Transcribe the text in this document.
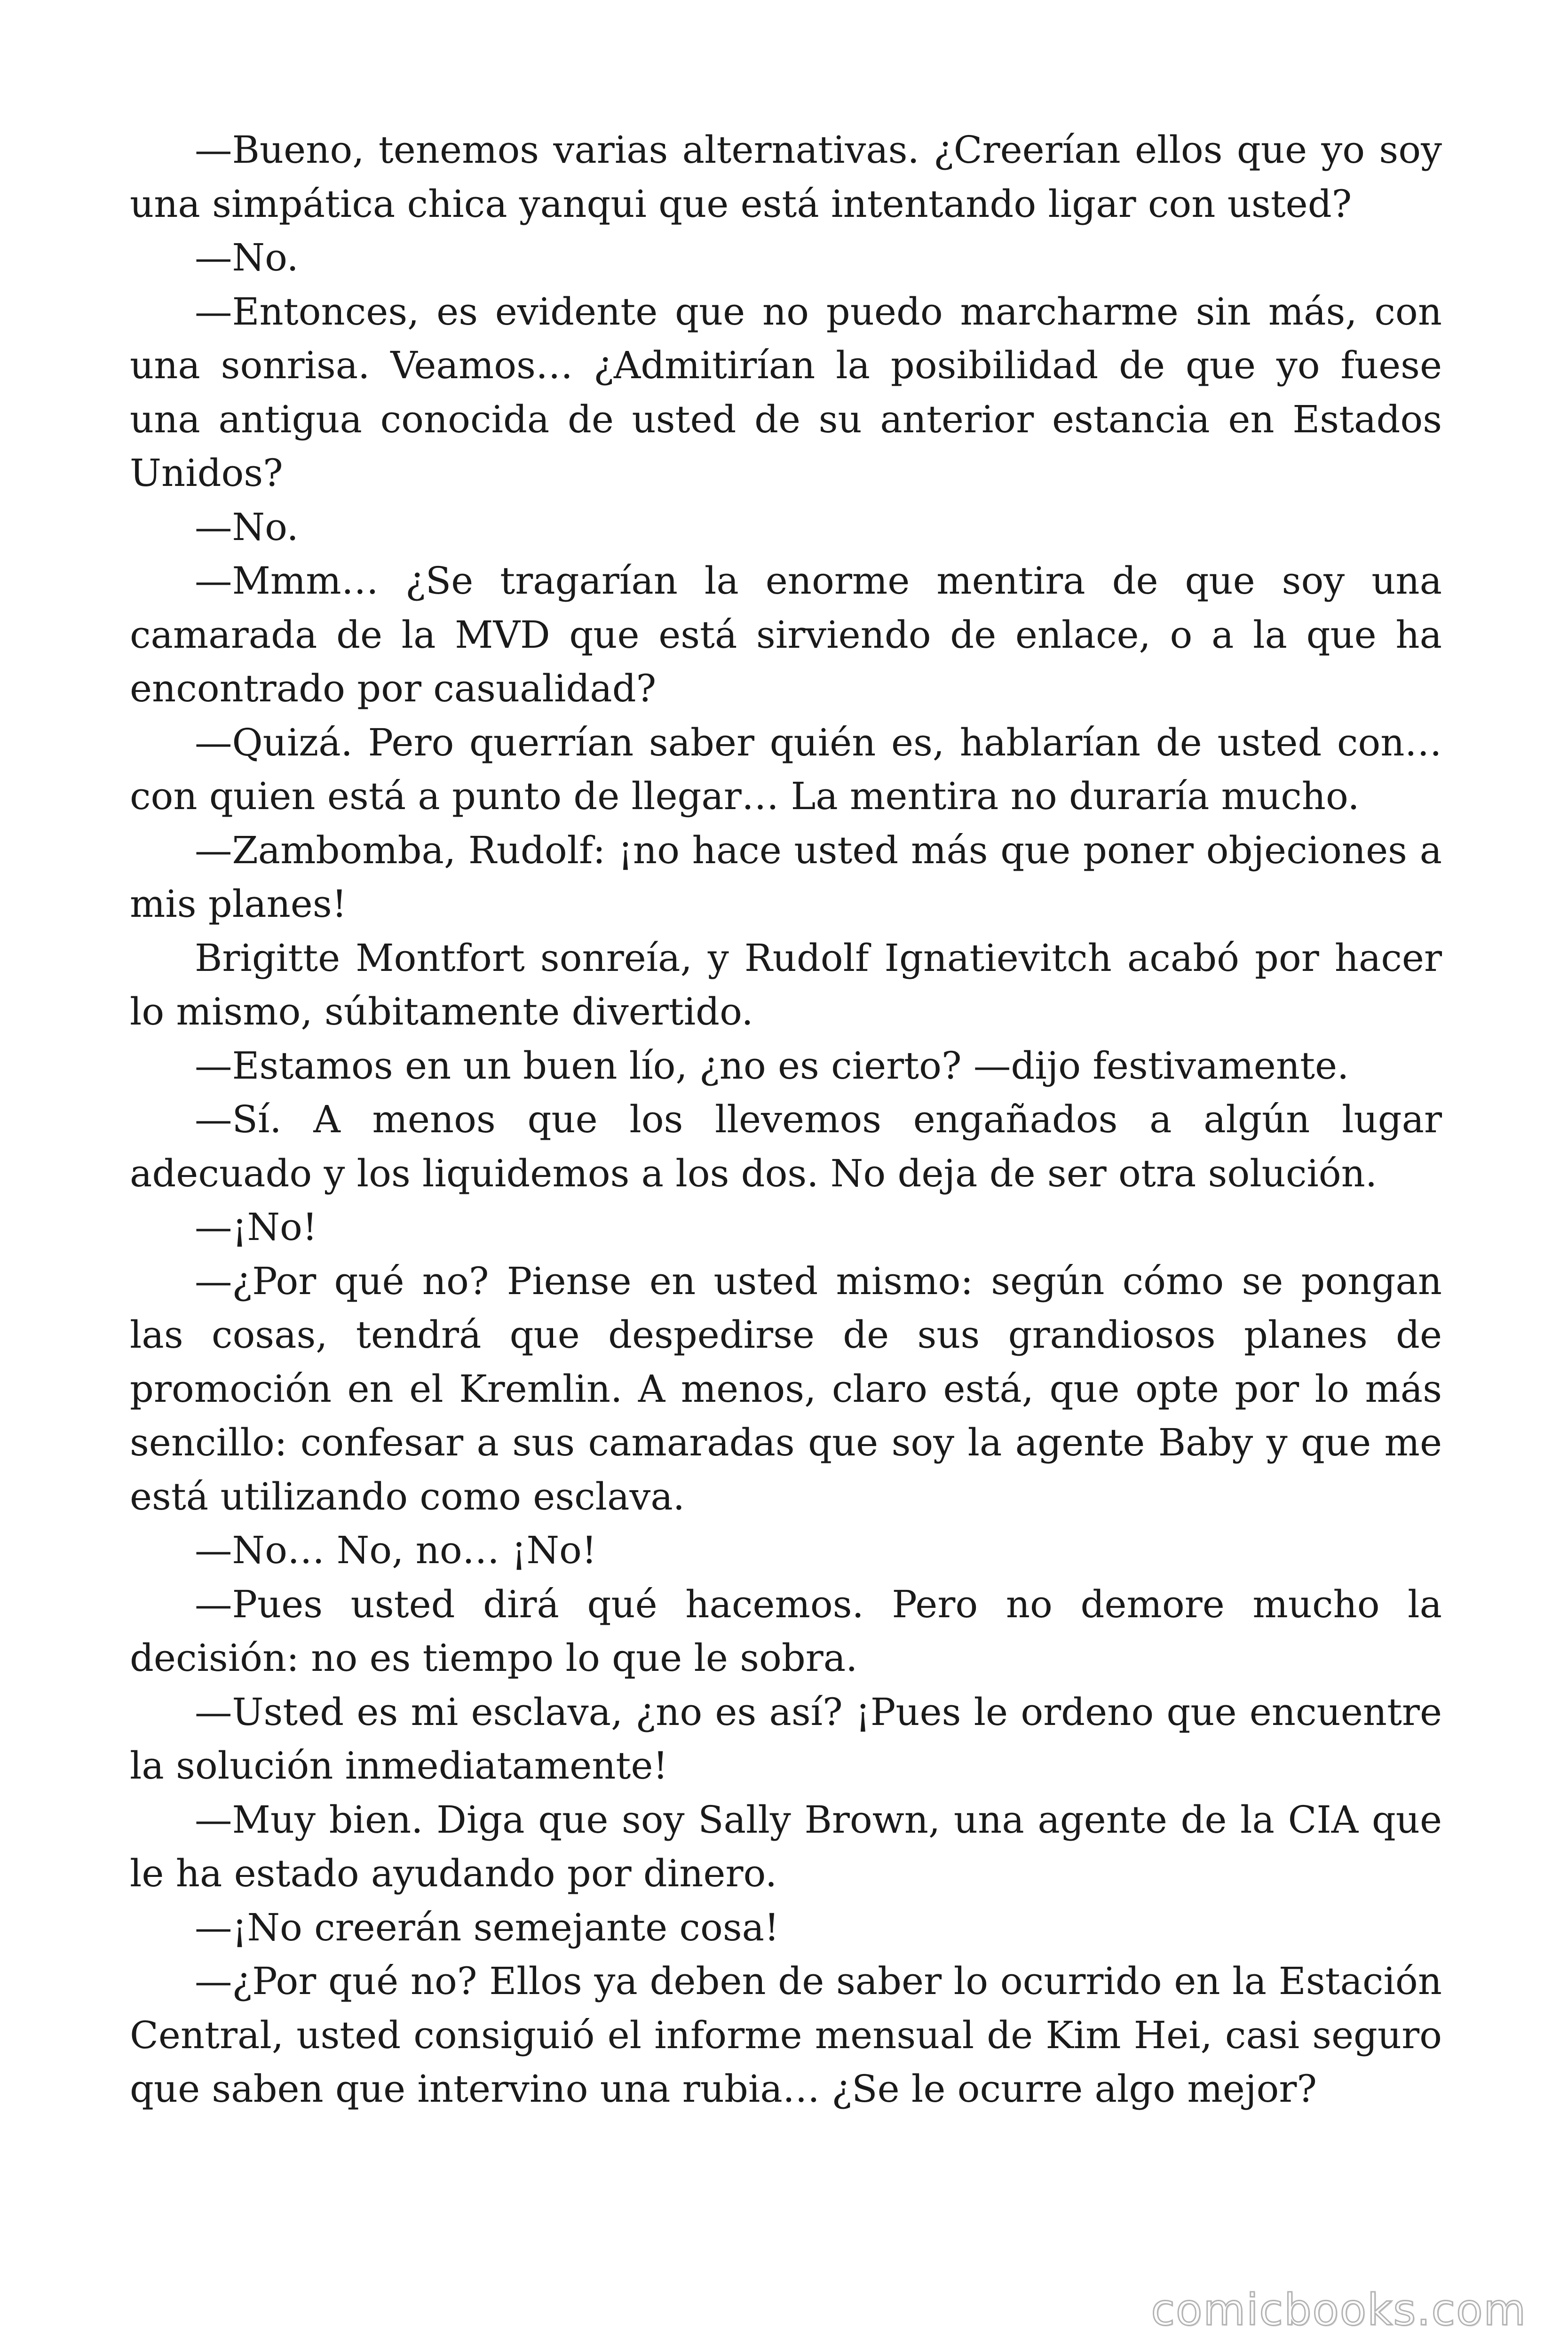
—Bueno, tenemos varias alternativas. ¿Creerían ellos que yo soy una simpática chica yanqui que está intentando ligar con usted?

—No.

—Entonces, es evidente que no puedo marcharme sin más, con una sonrisa. Veamos… ¿Admitirían la posibilidad de que yo fuese una antigua conocida de usted de su anterior estancia en Estados Unidos?

—No.

—Mmm… ¿Se tragarían la enorme mentira de que soy una camarada de la MVD que está sirviendo de enlace, o a la que ha encontrado por casualidad?

—Quizá. Pero querrían saber quién es, hablarían de usted con… con quien está a punto de llegar… La mentira no duraría mucho.

—Zambomba, Rudolf: ¡no hace usted más que poner objeciones a mis planes!

Brigitte Montfort sonreía, y Rudolf Ignatievitch acabó por hacer lo mismo, súbitamente divertido.

—Estamos en un buen lío, ¿no es cierto? —dijo festivamente.

—Sí. A menos que los llevemos engañados a algún lugar adecuado y los liquidemos a los dos. No deja de ser otra solución.

—¡No!

—¿Por qué no? Piense en usted mismo: según cómo se pongan las cosas, tendrá que despedirse de sus grandiosos planes de promoción en el Kremlin. A menos, claro está, que opte por lo más sencillo: confesar a sus camaradas que soy la agente Baby y que me está utilizando como esclava.

—No… No, no… ¡No!

—Pues usted dirá qué hacemos. Pero no demore mucho la decisión: no es tiempo lo que le sobra.

—Usted es mi esclava, ¿no es así? ¡Pues le ordeno que encuentre la solución inmediatamente!

—Muy bien. Diga que soy Sally Brown, una agente de la CIA que le ha estado ayudando por dinero.

—¡No creerán semejante cosa!

—¿Por qué no? Ellos ya deben de saber lo ocurrido en la Estación Central, usted consiguió el informe mensual de Kim Hei, casi seguro que saben que intervino una rubia… ¿Se le ocurre algo mejor?

comicbooks.com
